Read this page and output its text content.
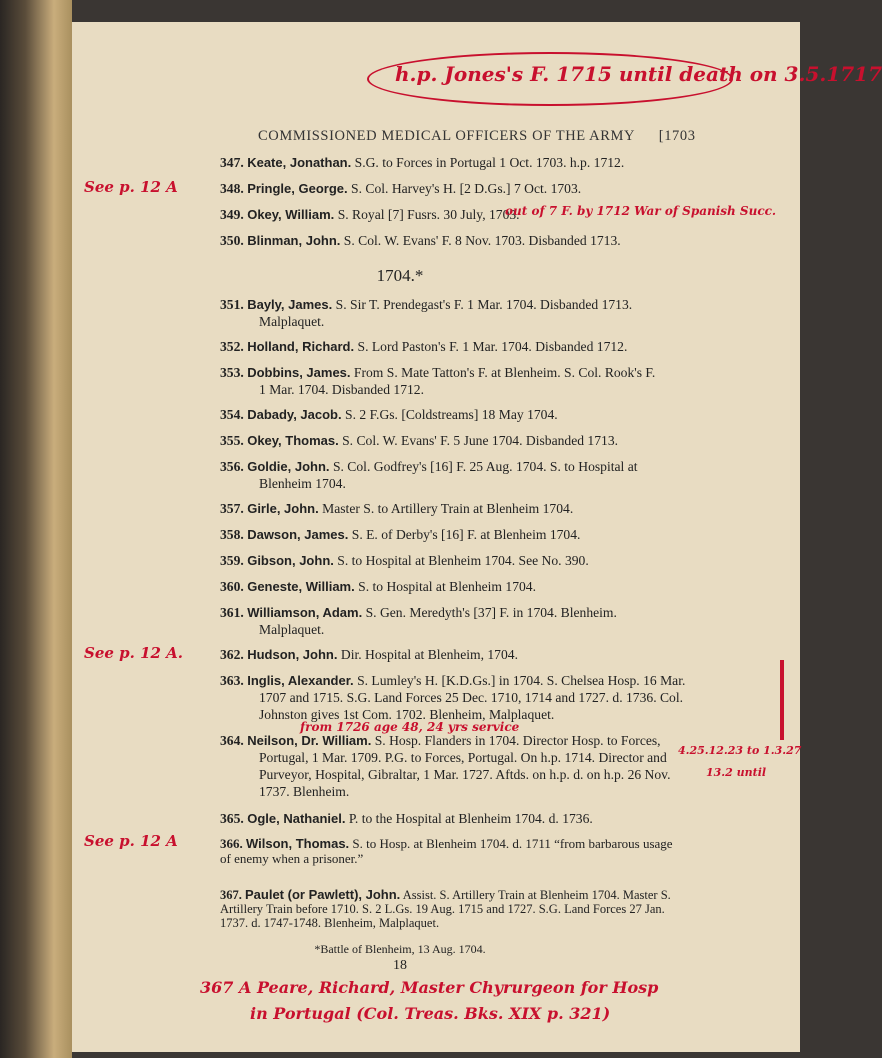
h.p. Jones's F. 1715 until death on 3.5.1717
COMMISSIONED MEDICAL OFFICERS OF THE ARMY [1703
347. Keate, Jonathan. S.G. to Forces in Portugal 1 Oct. 1703. h.p. 1712.
348. Pringle, George. S. Col. Harvey's H. [2 D.Gs.] 7 Oct. 1703.
349. Okey, William. S. Royal [7] Fusrs. 30 July, 1703.
350. Blinman, John. S. Col. W. Evans' F. 8 Nov. 1703. Disbanded 1713.
1704.*
351. Bayly, James. S. Sir T. Prendegast's F. 1 Mar. 1704. Disbanded 1713.
Malplaquet.
352. Holland, Richard. S. Lord Paston's F. 1 Mar. 1704. Disbanded 1712.
353. Dobbins, James. From S. Mate Tatton's F. at Blenheim. S. Col. Rook's F.
1 Mar. 1704. Disbanded 1712.
354. Dabady, Jacob. S. 2 F.Gs. [Coldstreams] 18 May 1704.
355. Okey, Thomas. S. Col. W. Evans' F. 5 June 1704. Disbanded 1713.
356. Goldie, John. S. Col. Godfrey's [16] F. 25 Aug. 1704. S. to Hospital at
Blenheim 1704.
357. Girle, John. Master S. to Artillery Train at Blenheim 1704.
358. Dawson, James. S. E. of Derby's [16] F. at Blenheim 1704.
359. Gibson, John. S. to Hospital at Blenheim 1704. See No. 390.
360. Geneste, William. S. to Hospital at Blenheim 1704.
361. Williamson, Adam. S. Gen. Meredyth's [37] F. in 1704. Blenheim.
Malplaquet.
362. Hudson, John. Dir. Hospital at Blenheim, 1704.
363. Inglis, Alexander. S. Lumley's H. [K.D.Gs.] in 1704. S. Chelsea Hosp. 16 Mar. 1707 and 1715. S.G. Land Forces 25 Dec. 1710, 1714 and 1727. d. 1736. Col. Johnston gives 1st Com. 1702. Blenheim, Malplaquet.
364. Neilson, Dr. William. S. Hosp. Flanders in 1704. Director Hosp. to Forces, Portugal, 1 Mar. 1709. P.G. to Forces, Portugal. On h.p. 1714. Director and Purveyor, Hospital, Gibraltar, 1 Mar. 1727. Aftds. on h.p. d. on h.p. 26 Nov. 1737. Blenheim.
365. Ogle, Nathaniel. P. to the Hospital at Blenheim 1704. d. 1736.
366. Wilson, Thomas. S. to Hosp. at Blenheim 1704. d. 1711 “from barbarous usage of enemy when a prisoner.”
367. Paulet (or Pawlett), John. Assist. S. Artillery Train at Blenheim 1704. Master S. Artillery Train before 1710. S. 2 L.Gs. 19 Aug. 1715 and 1727. S.G. Land Forces 27 Jan. 1737. d. 1747-1748. Blenheim, Malplaquet.
*Battle of Blenheim, 13 Aug. 1704.
18
See p. 12 A
out of 7 F. by 1712 War of Spanish Succ.
See p. 12 A.
from 1726 age 48, 24 yrs service
4.25.12.23 to 1.3.27
13.2 until
See p. 12 A
367 A Peare, Richard, Master Chyrurgeon for Hosp
in Portugal (Col. Treas. Bks. XIX p. 321)
